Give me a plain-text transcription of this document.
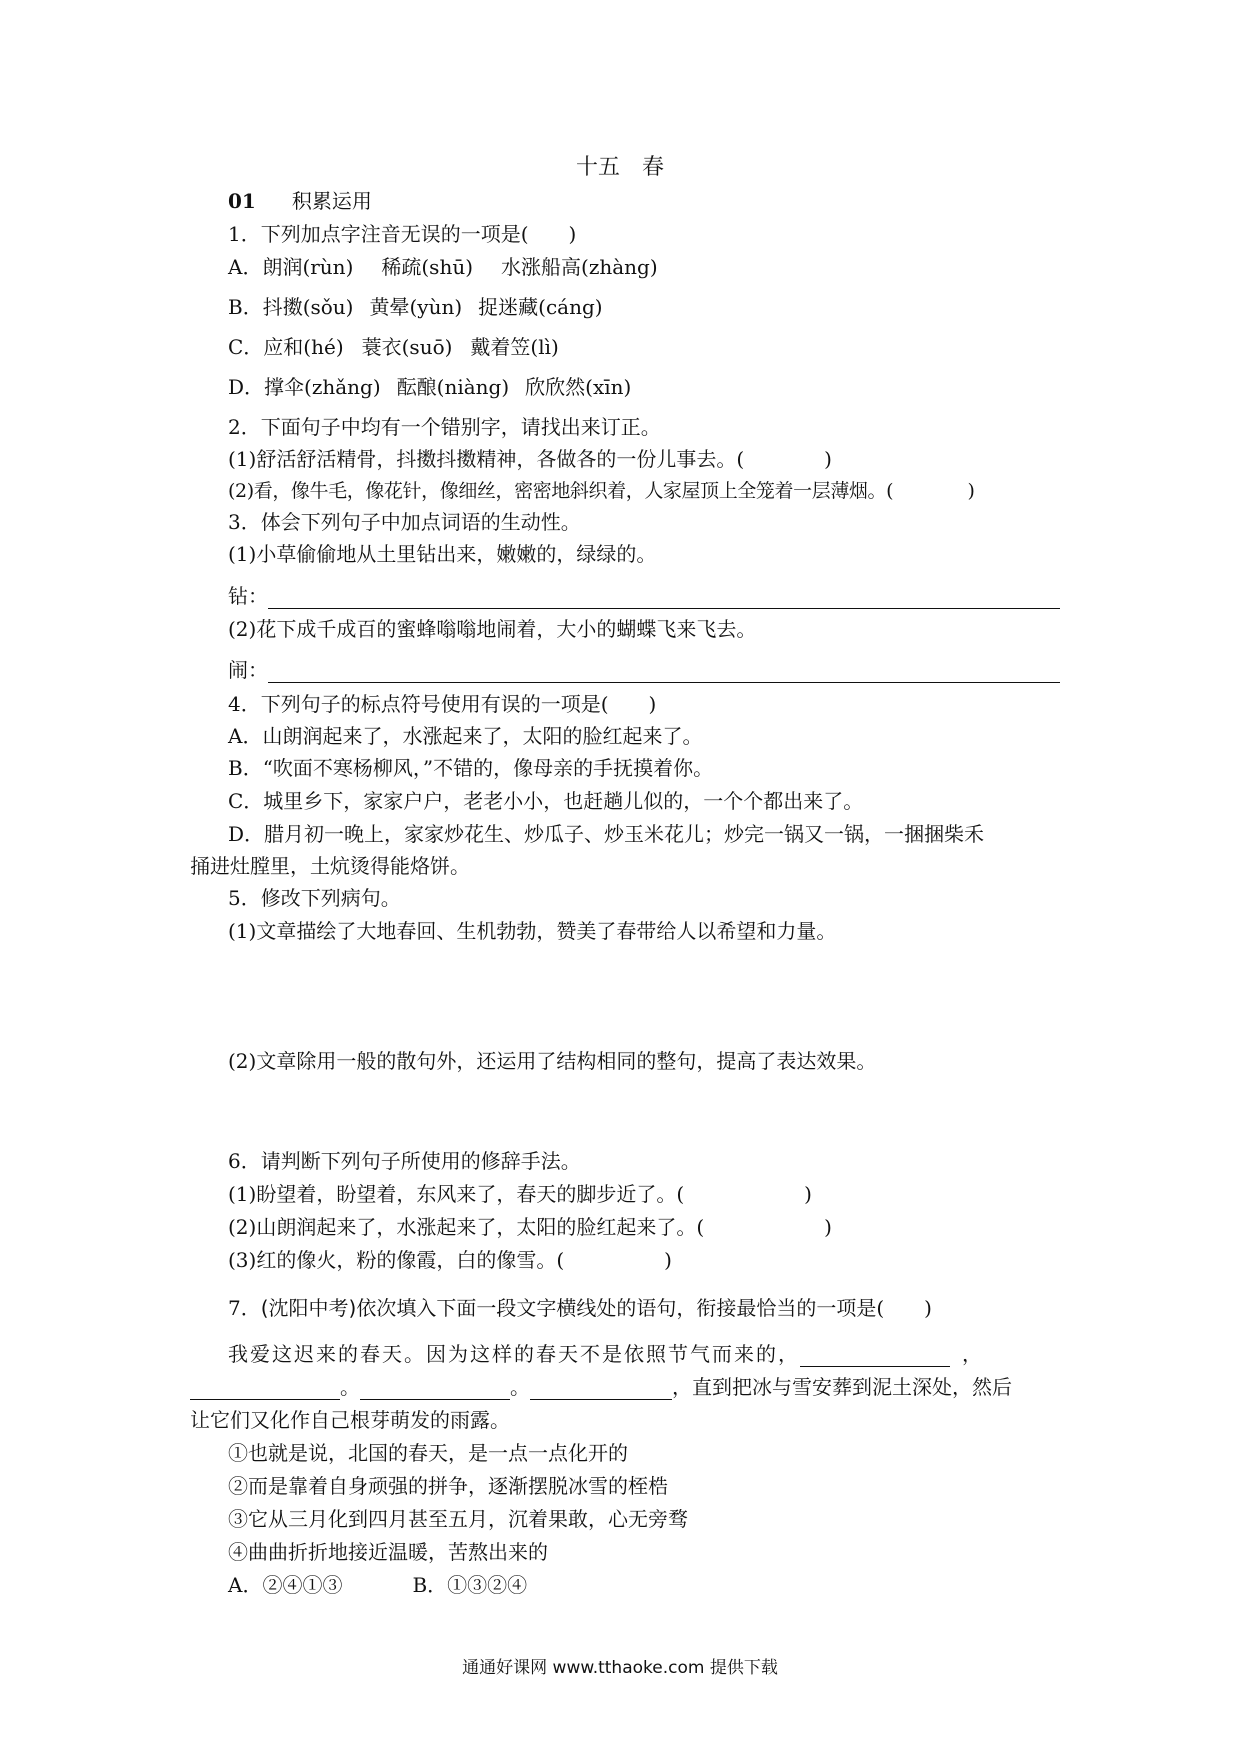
十五　春
01 积累运用
1．下列加点字注音无误的一项是(　　)
A．朗润(rùn) 稀疏(shū) 水涨船高(zhàng)
B．抖擞(sǒu) 黄晕(yùn) 捉迷藏(cáng)
C．应和(hé) 蓑衣(suō) 戴着笠(lì)
D．撑伞(zhǎng) 酝酿(niàng) 欣欣然(xīn)
2．下面句子中均有一个错别字，请找出来订正。
(1)舒活舒活精骨，抖擞抖擞精神，各做各的一份儿事去。(　　　　)
(2)看，像牛毛，像花针，像细丝，密密地斜织着，人家屋顶上全笼着一层薄烟。(　　　　)
3．体会下列句子中加点词语的生动性。
(1)小草偷偷地从土里钻出来，嫩嫩的，绿绿的。
钻：
(2)花下成千成百的蜜蜂嗡嗡地闹着，大小的蝴蝶飞来飞去。
闹：
4．下列句子的标点符号使用有误的一项是(　　)
A．山朗润起来了，水涨起来了，太阳的脸红起来了。
B．“吹面不寒杨柳风，”不错的，像母亲的手抚摸着你。
C．城里乡下，家家户户，老老小小，也赶趟儿似的，一个个都出来了。
D．腊月初一晚上，家家炒花生、炒瓜子、炒玉米花儿；炒完一锅又一锅，一捆捆柴禾
捅进灶膛里，土炕烫得能烙饼。
5．修改下列病句。
(1)文章描绘了大地春回、生机勃勃，赞美了春带给人以希望和力量。
(2)文章除用一般的散句外，还运用了结构相同的整句，提高了表达效果。
6．请判断下列句子所使用的修辞手法。
(1)盼望着，盼望着，东风来了，春天的脚步近了。(　　　　　　)
(2)山朗润起来了，水涨起来了，太阳的脸红起来了。(　　　　　　)
(3)红的像火，粉的像霞，白的像雪。(　　　　　)
7．(沈阳中考)依次填入下面一段文字横线处的语句，衔接最恰当的一项是(　　)
我爱这迟来的春天。因为这样的春天不是依照节气而来的，	，
。	。	，直到把冰与雪安葬到泥土深处，然后
让它们又化作自己根芽萌发的雨露。
①也就是说，北国的春天，是一点一点化开的
②而是靠着自身顽强的拼争，逐渐摆脱冰雪的桎梏
③它从三月化到四月甚至五月，沉着果敢，心无旁骛
④曲曲折折地接近温暖，苦熬出来的
A．②④①③	B．①③②④
通通好课网 www.tthaoke.com 提供下载
